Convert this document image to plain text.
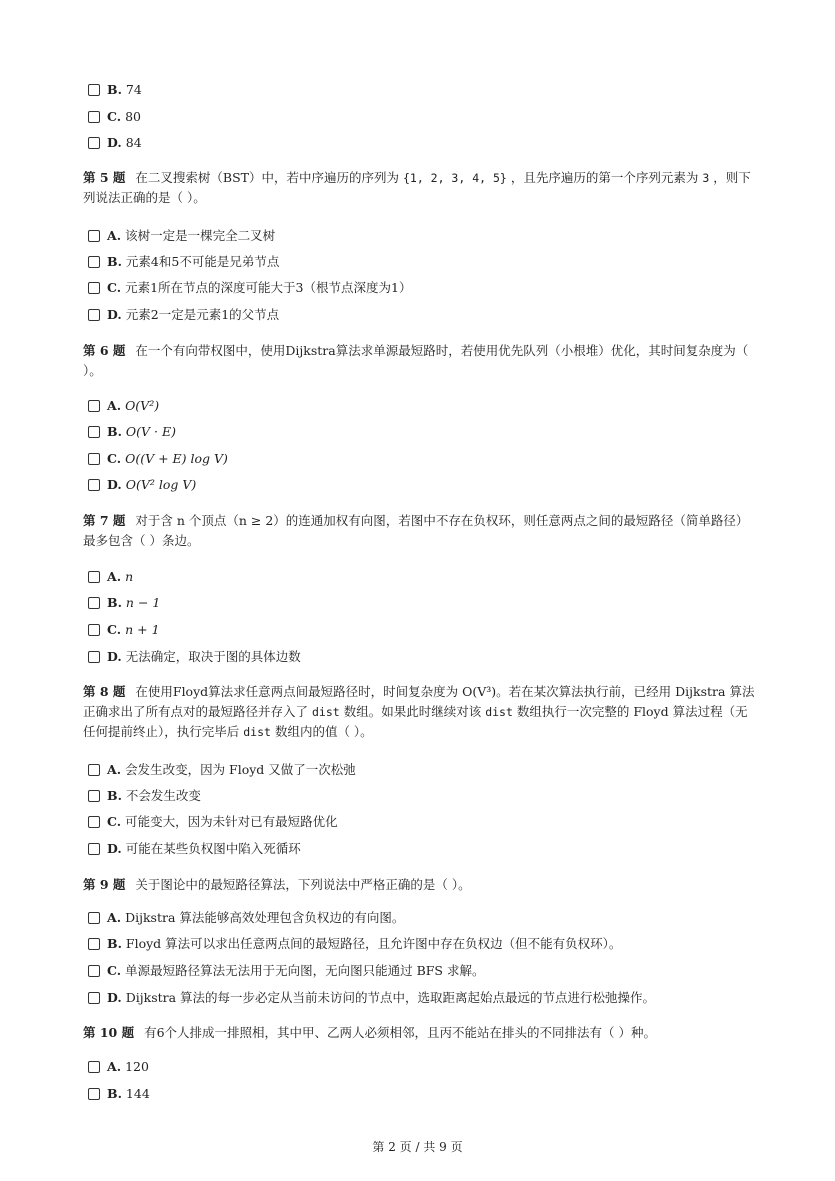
B. 74
C. 80
D. 84
第 5 题 在二叉搜索树（BST）中，若中序遍历的序列为 {1, 2, 3, 4, 5} ，且先序遍历的第一个序列元素为 3 ，则下列说法正确的是（ ）。
A. 该树一定是一棵完全二叉树
B. 元素4和5不可能是兄弟节点
C. 元素1所在节点的深度可能大于3（根节点深度为1）
D. 元素2一定是元素1的父节点
第 6 题 在一个有向带权图中，使用Dijkstra算法求单源最短路时，若使用优先队列（小根堆）优化，其时间复杂度为（ ）。
A. O(V²)
B. O(V · E)
C. O((V + E) log V)
D. O(V² log V)
第 7 题 对于含 n 个顶点（n ≥ 2）的连通加权有向图，若图中不存在负权环，则任意两点之间的最短路径（简单路径）最多包含（ ）条边。
A. n
B. n − 1
C. n + 1
D. 无法确定，取决于图的具体边数
第 8 题 在使用Floyd算法求任意两点间最短路径时，时间复杂度为 O(V³)。若在某次算法执行前，已经用 Dijkstra 算法正确求出了所有点对的最短路径并存入了 dist 数组。如果此时继续对该 dist 数组执行一次完整的 Floyd 算法过程（无任何提前终止），执行完毕后 dist 数组内的值（ ）。
A. 会发生改变，因为 Floyd 又做了一次松弛
B. 不会发生改变
C. 可能变大，因为未针对已有最短路优化
D. 可能在某些负权图中陷入死循环
第 9 题 关于图论中的最短路径算法，下列说法中严格正确的是（ ）。
A. Dijkstra 算法能够高效处理包含负权边的有向图。
B. Floyd 算法可以求出任意两点间的最短路径，且允许图中存在负权边（但不能有负权环）。
C. 单源最短路径算法无法用于无向图，无向图只能通过 BFS 求解。
D. Dijkstra 算法的每一步必定从当前未访问的节点中，选取距离起始点最远的节点进行松弛操作。
第 10 题 有6个人排成一排照相，其中甲、乙两人必须相邻，且丙不能站在排头的不同排法有（ ）种。
A. 120
B. 144
第 2 页 / 共 9 页
